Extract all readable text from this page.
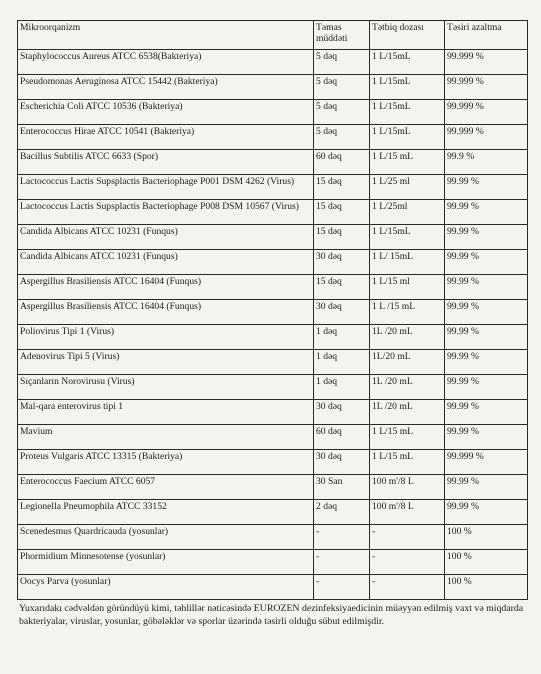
Mikroorqanizm	Təmas müddəti	Tətbiq dozası	Təsiri azaltma
Staphylococcus Aureus ATCC 6538(Bakteriya)	5 dəq	1 L/15mL	99.999 %
Pseudomonas Aeruginosa ATCC 15442 (Bakteriya)	5 dəq	1 L/15mL	99.999 %
Escherichia Coli ATCC 10536 (Bakteriya)	5 dəq	1 L/15mL	99.999 %
Enterococcus Hirae ATCC 10541 (Bakteriya)	5 dəq	1 L/15mL	99.999 %
Bacillus Subtilis ATCC 6633 (Spor)	60 dəq	1 L/15 mL	99.9 %
Lactococcus Lactis Supsplactis Bacteriophage P001 DSM 4262 (Virus)	15 dəq	1 L/25 ml	99.99 %
Lactococcus Lactis Supsplactis Bacteriophage P008 DSM 10567 (Virus)	15 dəq	1 L/25ml	99.99 %
Candida Albicans ATCC 10231 (Funqus)	15 dəq	1 L/15mL	99.99 %
Candida Albicans ATCC 10231 (Funqus)	30 dəq	1 L/ 15mL	99.99 %
Aspergillus Brasiliensis ATCC 16404 (Funqus)	15 dəq	1 L/15 ml	99.99 %
Aspergillus Brasiliensis ATCC 16404 (Funqus)	30 dəq	1 L /15 mL	99.99 %
Poliovirus Tipi 1 (Virus)	1 dəq	1L /20 mL	99.99 %
Adenovirus Tipi 5 (Virus)	1 dəq	1L/20 mL	99.99 %
Sıçanların Norovirusu (Virus)	1 dəq	1L /20 mL	99.99 %
Mal-qara enterovirus tipi 1	30 dəq	1L /20 mL	99.99 %
Mavium	60 dəq	1 L/15 mL	99.99 %
Proteus Vulgaris ATCC 13315 (Bakteriya)	30 dəq	1 L/15 mL	99.999 %
Enterococcus Faecium ATCC 6057	30 San	100 m'/8 L	99.99 %
Legionella Pneumophila ATCC 33152	2 dəq	100 m'/8 L	99.99 %
Scenedesmus Quardricauda (yosunlar)	-	-	100 %
Phormidium Minnesotense (yosunlar)	-	-	100 %
Oocys Parva (yosunlar)	-	-	100 %
Yuxarıdakı cədvəldən göründüyü kimi, təhlillər nəticəsində EUROZEN dezinfeksiyaedicinin müəyyən edilmiş vaxt və miqdarda bakteriyalar, viruslar, yosunlar, göbələklər və sporlar üzərində təsirli olduğu sübut edilmişdir.
